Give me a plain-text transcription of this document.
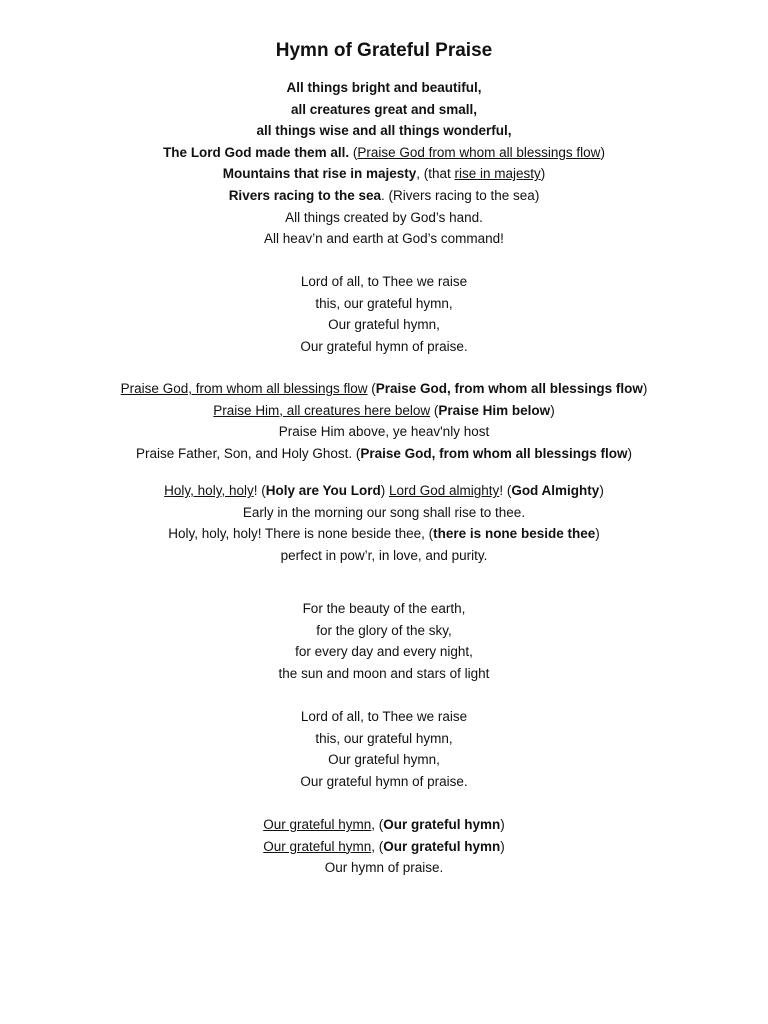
Hymn of Grateful Praise
All things bright and beautiful,
all creatures great and small,
all things wise and all things wonderful,
The Lord God made them all. (Praise God from whom all blessings flow)
Mountains that rise in majesty, (that rise in majesty)
Rivers racing to the sea. (Rivers racing to the sea)
All things created by God’s hand.
All heav’n and earth at God’s command!
Lord of all, to Thee we raise
this, our grateful hymn,
Our grateful hymn,
Our grateful hymn of praise.
Praise God, from whom all blessings flow (Praise God, from whom all blessings flow)
Praise Him, all creatures here below (Praise Him below)
Praise Him above, ye heav'nly host
Praise Father, Son, and Holy Ghost. (Praise God, from whom all blessings flow)
Holy, holy, holy! (Holy are You Lord) Lord God almighty! (God Almighty)
Early in the morning our song shall rise to thee.
Holy, holy, holy! There is none beside thee, (there is none beside thee)
perfect in pow’r, in love, and purity.
For the beauty of the earth,
for the glory of the sky,
for every day and every night,
the sun and moon and stars of light
Lord of all, to Thee we raise
this, our grateful hymn,
Our grateful hymn,
Our grateful hymn of praise.
Our grateful hymn, (Our grateful hymn)
Our grateful hymn, (Our grateful hymn)
Our hymn of praise.
